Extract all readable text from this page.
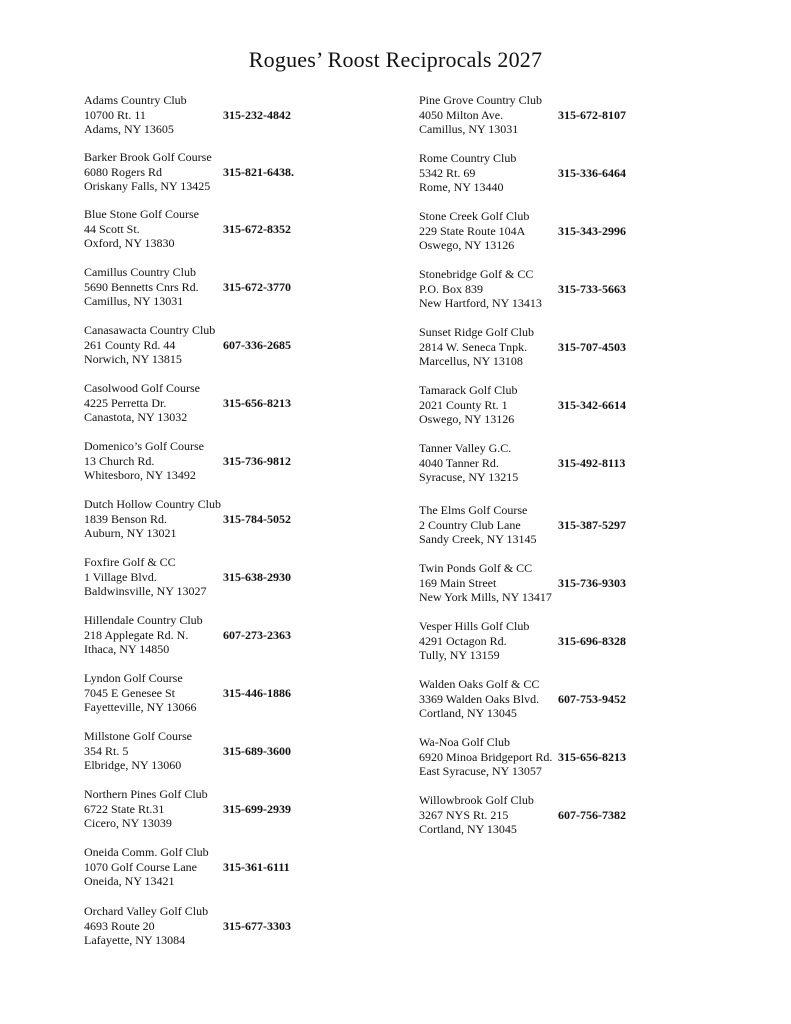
Rogues’ Roost Reciprocals 2027
Adams Country Club
10700 Rt. 11
Adams, NY 13605
315-232-4842
Barker Brook Golf Course
6080 Rogers Rd
Oriskany Falls, NY 13425
315-821-6438.
Blue Stone Golf Course
44 Scott St.
Oxford, NY 13830
315-672-8352
Camillus Country Club
5690 Bennetts Cnrs Rd.
Camillus, NY 13031
315-672-3770
Canasawacta Country Club
261 County Rd. 44
Norwich, NY 13815
607-336-2685
Casolwood Golf Course
4225 Perretta Dr.
Canastota, NY 13032
315-656-8213
Domenico’s Golf Course
13 Church Rd.
Whitesboro, NY 13492
315-736-9812
Dutch Hollow Country Club
1839 Benson Rd.
Auburn, NY 13021
315-784-5052
Foxfire Golf & CC
1 Village Blvd.
Baldwinsville, NY 13027
315-638-2930
Hillendale Country Club
218 Applegate Rd. N.
Ithaca, NY 14850
607-273-2363
Lyndon Golf Course
7045 E Genesee St
Fayetteville, NY 13066
315-446-1886
Millstone Golf Course
354 Rt. 5
Elbridge, NY 13060
315-689-3600
Northern Pines Golf Club
6722 State Rt.31
Cicero, NY 13039
315-699-2939
Oneida Comm. Golf Club
1070 Golf Course Lane
Oneida, NY 13421
315-361-6111
Orchard Valley Golf Club
4693 Route 20
Lafayette, NY 13084
315-677-3303
Pine Grove Country Club
4050 Milton Ave.
Camillus, NY 13031
315-672-8107
Rome Country Club
5342 Rt. 69
Rome, NY 13440
315-336-6464
Stone Creek Golf Club
229 State Route 104A
Oswego, NY 13126
315-343-2996
Stonebridge Golf & CC
P.O. Box 839
New Hartford, NY 13413
315-733-5663
Sunset Ridge Golf Club
2814 W. Seneca Tnpk.
Marcellus, NY 13108
315-707-4503
Tamarack Golf Club
2021 County Rt. 1
Oswego, NY 13126
315-342-6614
Tanner Valley G.C.
4040 Tanner Rd.
Syracuse, NY 13215
315-492-8113
The Elms Golf Course
2 Country Club Lane
Sandy Creek, NY 13145
315-387-5297
Twin Ponds Golf & CC
169 Main Street
New York Mills, NY 13417
315-736-9303
Vesper Hills Golf Club
4291 Octagon Rd.
Tully, NY 13159
315-696-8328
Walden Oaks Golf & CC
3369 Walden Oaks Blvd.
Cortland, NY 13045
607-753-9452
Wa-Noa Golf Club
6920 Minoa Bridgeport Rd.
East Syracuse, NY 13057
315-656-8213
Willowbrook Golf Club
3267 NYS Rt. 215
Cortland, NY 13045
607-756-7382
